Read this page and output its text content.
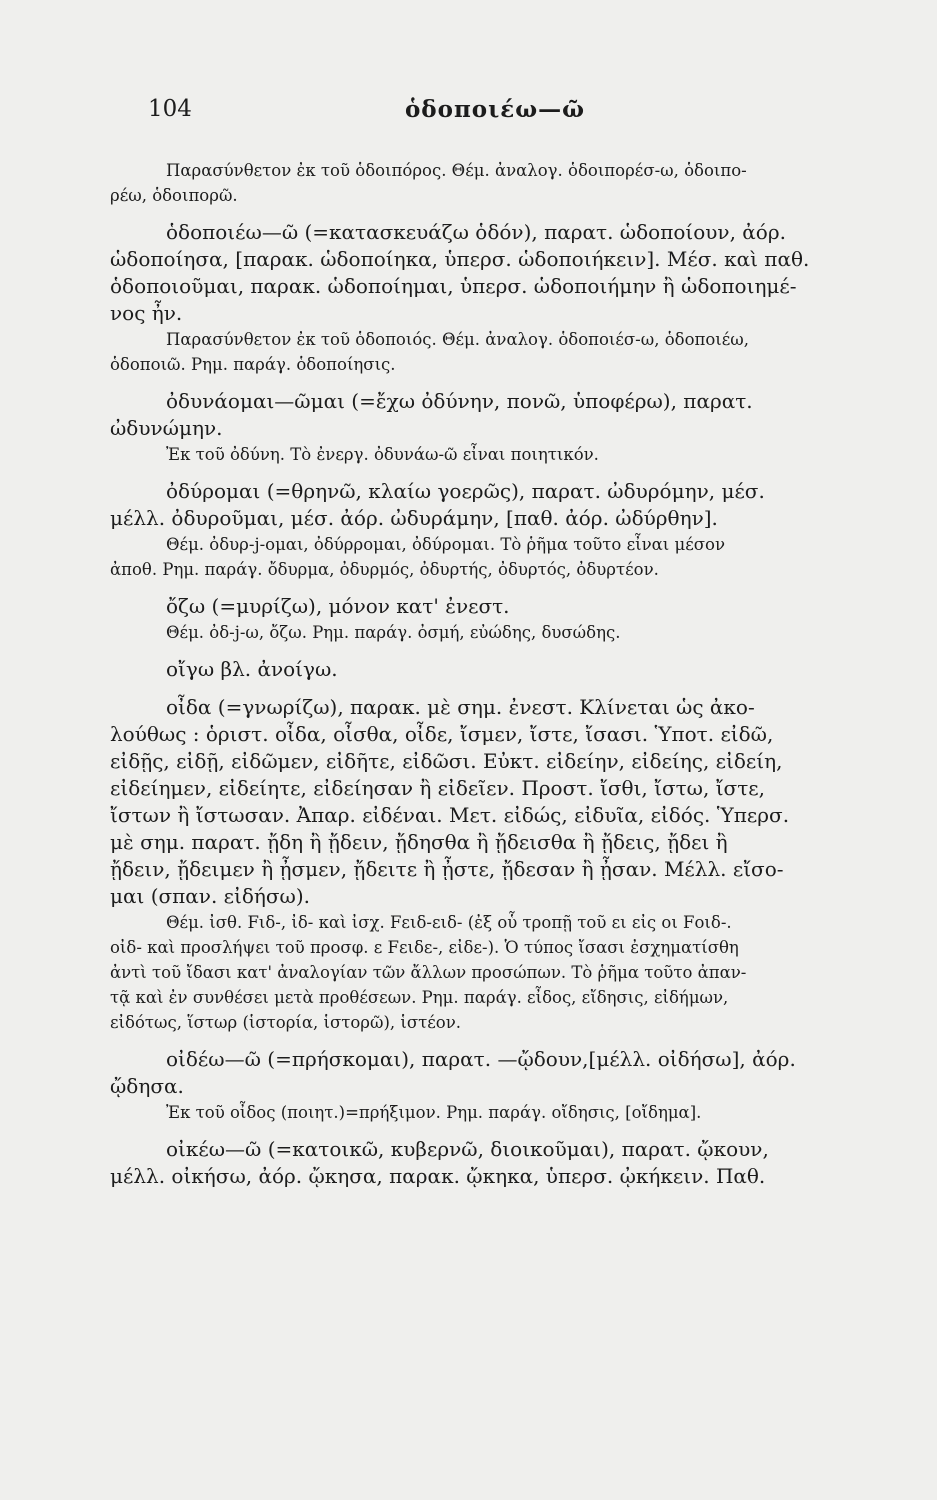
104	ὁδοποιέω—ῶ
Παρασύνθετον ἐκ τοῦ ὁδοιπόρος. Θέμ. ἀναλογ. ὁδοιπορέσ-ω, ὁδοιπο-
ρέω, ὁδοιπορῶ.
ὁδοποιέω—ῶ (=κατασκευάζω ὁδόν), παρατ. ὡδοποίουν, ἀόρ.
ὡδοποίησα, [παρακ. ὡδοποίηκα, ὑπερσ. ὡδοποιήκειν]. Μέσ. καὶ παθ.
ὁδοποιοῦμαι, παρακ. ὡδοποίημαι, ὑπερσ. ὡδοποιήμην ἢ ὡδοποιημέ-
νος ἦν.
Παρασύνθετον ἐκ τοῦ ὁδοποιός. Θέμ. ἀναλογ. ὁδοποιέσ-ω, ὁδοποιέω,
ὁδοποιῶ. Ρημ. παράγ. ὁδοποίησις.
ὀδυνάομαι—ῶμαι (=ἔχω ὀδύνην, πονῶ, ὑποφέρω), παρατ.
ὠδυνώμην.
Ἐκ τοῦ ὀδύνη. Τὸ ἐνεργ. ὀδυνάω-ῶ εἶναι ποιητικόν.
ὀδύρομαι (=θρηνῶ, κλαίω γοερῶς), παρατ. ὠδυρόμην, μέσ.
μέλλ. ὀδυροῦμαι, μέσ. ἀόρ. ὠδυράμην, [παθ. ἀόρ. ὠδύρθην].
Θέμ. ὀδυρ-j-ομαι, ὀδύρρομαι, ὀδύρομαι. Τὸ ῥῆμα τοῦτο εἶναι μέσον
ἀποθ. Ρημ. παράγ. ὄδυρμα, ὀδυρμός, ὀδυρτής, ὀδυρτός, ὀδυρτέον.
ὄζω (=μυρίζω), μόνον κατ' ἐνεστ.
Θέμ. ὀδ-j-ω, ὄζω. Ρημ. παράγ. ὀσμή, εὐώδης, δυσώδης.
οἴγω βλ. ἀνοίγω.
οἶδα (=γνωρίζω), παρακ. μὲ σημ. ἐνεστ. Κλίνεται ὡς ἀκο-
λούθως : ὁριστ. οἶδα, οἶσθα, οἶδε, ἴσμεν, ἴστε, ἴσασι. Ὑποτ. εἰδῶ,
εἰδῇς, εἰδῇ, εἰδῶμεν, εἰδῆτε, εἰδῶσι. Εὐκτ. εἰδείην, εἰδείης, εἰδείη,
εἰδείημεν, εἰδείητε, εἰδείησαν ἢ εἰδεῖεν. Προστ. ἴσθι, ἴστω, ἴστε,
ἴστων ἢ ἴστωσαν. Ἀπαρ. εἰδέναι. Μετ. εἰδώς, εἰδυῖα, εἰδός. Ὑπερσ.
μὲ σημ. παρατ. ᾔδη ἢ ᾔδειν, ᾔδησθα ἢ ᾔδεισθα ἢ ᾔδεις, ᾔδει ἢ
ᾔδειν, ᾔδειμεν ἢ ᾖσμεν, ᾔδειτε ἢ ᾖστε, ᾔδεσαν ἢ ᾖσαν. Μέλλ. εἴσο-
μαι (σπαν. εἰδήσω).
Θέμ. ἰσθ. Fιδ-, ἰδ- καὶ ἰσχ. Fειδ-ειδ- (ἐξ οὗ τροπῇ τοῦ ει εἰς οι Fοιδ-.
οἰδ- καὶ προσλήψει τοῦ προσφ. ε Fειδε-, εἰδε-). Ὁ τύπος ἴσασι ἐσχηματίσθη
ἀντὶ τοῦ ἴδασι κατ' ἀναλογίαν τῶν ἄλλων προσώπων. Τὸ ῥῆμα τοῦτο ἀπαν-
τᾷ καὶ ἐν συνθέσει μετὰ προθέσεων. Ρημ. παράγ. εἶδος, εἴδησις, εἰδήμων,
εἰδότως, ἵστωρ (ἱστορία, ἱστορῶ), ἱστέον.
οἰδέω—ῶ (=πρήσκομαι), παρατ. —ᾤδουν,[μέλλ. οἰδήσω], ἀόρ.
ᾤδησα.
Ἐκ τοῦ οἶδος (ποιητ.)=πρήξιμον. Ρημ. παράγ. οἴδησις, [οἴδημα].
οἰκέω—ῶ (=κατοικῶ, κυβερνῶ, διοικοῦμαι), παρατ. ᾤκουν,
μέλλ. οἰκήσω, ἀόρ. ᾤκησα, παρακ. ᾤκηκα, ὑπερσ. ᾠκήκειν. Παθ.
